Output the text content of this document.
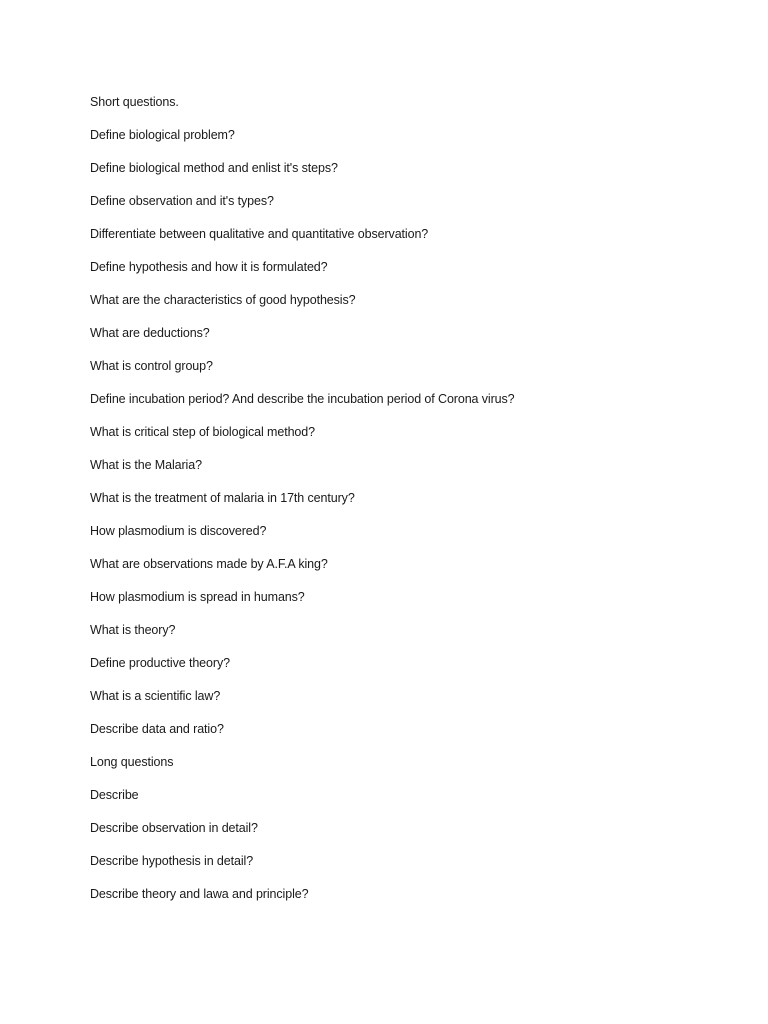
Short questions.
Define biological problem?
Define biological method and enlist it's steps?
Define observation and it's types?
Differentiate between qualitative and quantitative observation?
Define hypothesis and how it is formulated?
What are the characteristics of good hypothesis?
What are deductions?
What is control group?
Define incubation period? And describe the incubation period of Corona virus?
What is critical step of biological method?
What is the Malaria?
What is the treatment of malaria in 17th century?
How plasmodium is discovered?
What are observations made by A.F.A king?
How plasmodium is spread in humans?
What is theory?
Define productive theory?
What is a scientific law?
Describe data and ratio?
Long questions
Describe
Describe observation in detail?
Describe hypothesis in detail?
Describe theory and lawa and principle?
